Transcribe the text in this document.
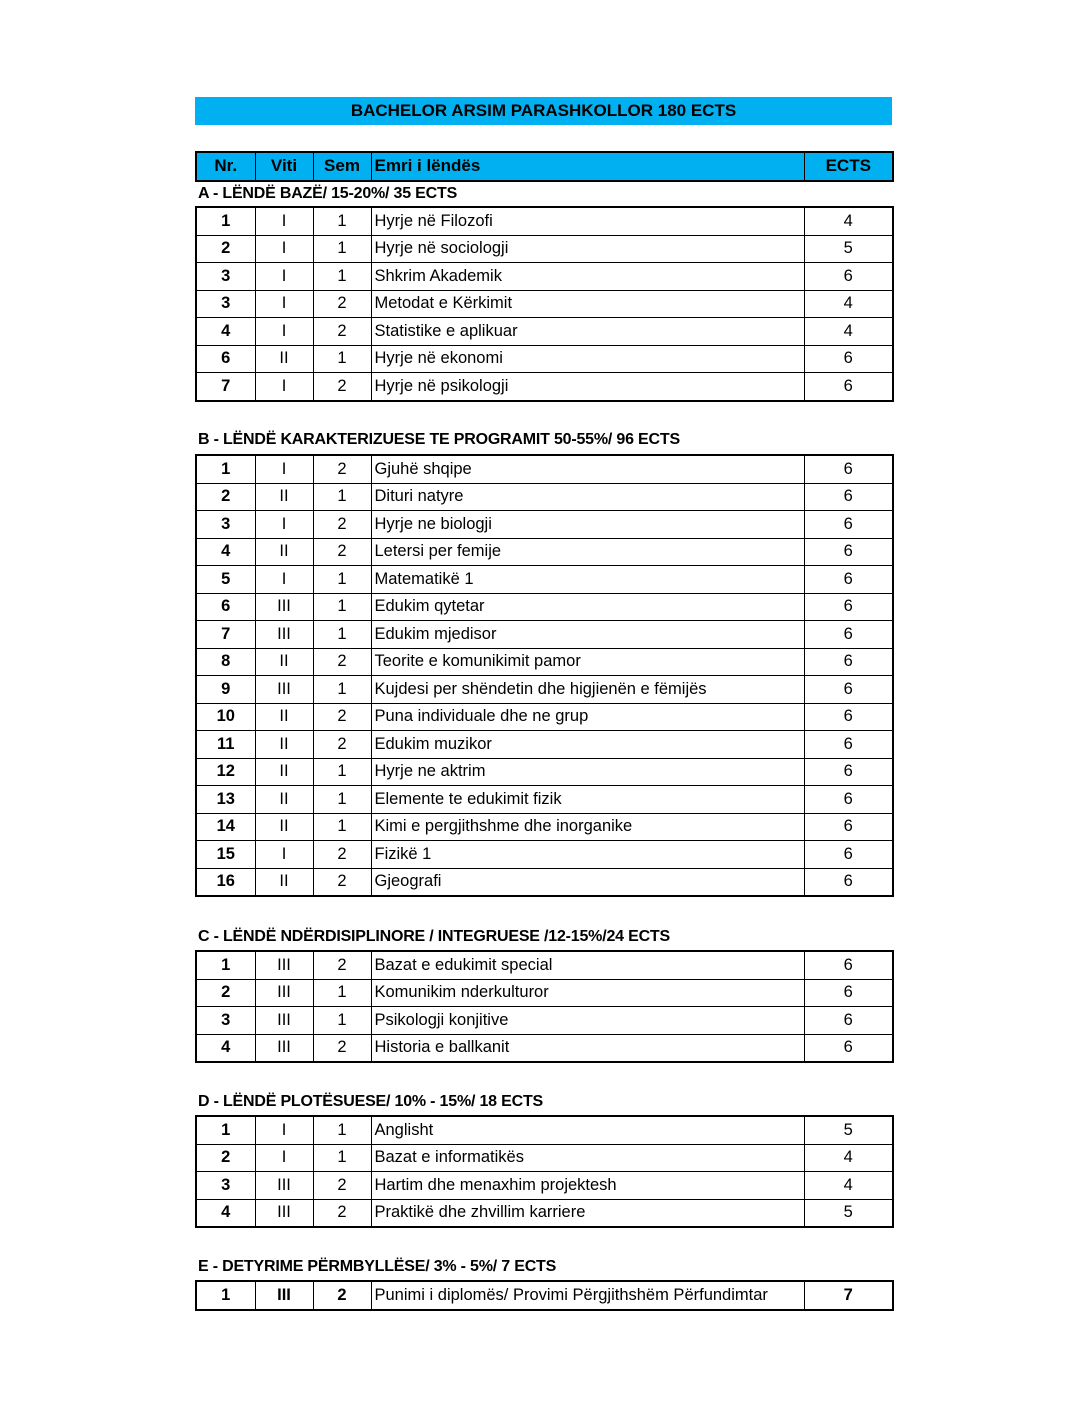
BACHELOR ARSIM PARASHKOLLOR 180 ECTS
Nr.	Viti	Sem	Emri i lëndës	ECTS
A - LËNDË BAZË/ 15-20%/ 35 ECTS
1	I	1	Hyrje në Filozofi	4
2	I	1	Hyrje në sociologji	5
3	I	1	Shkrim Akademik	6
3	I	2	Metodat e Kërkimit	4
4	I	2	Statistike e aplikuar	4
6	II	1	Hyrje në ekonomi	6
7	I	2	Hyrje në psikologji	6
B - LËNDË KARAKTERIZUESE TE PROGRAMIT 50-55%/ 96 ECTS
1	I	2	Gjuhë shqipe	6
2	II	1	Dituri natyre	6
3	I	2	Hyrje ne biologji	6
4	II	2	Letersi per femije	6
5	I	1	Matematikë 1	6
6	III	1	Edukim qytetar	6
7	III	1	Edukim mjedisor	6
8	II	2	Teorite e komunikimit pamor	6
9	III	1	Kujdesi per shëndetin dhe higjienën e fëmijës	6
10	II	2	Puna individuale dhe ne grup	6
11	II	2	Edukim muzikor	6
12	II	1	Hyrje ne aktrim	6
13	II	1	Elemente te edukimit fizik	6
14	II	1	Kimi e pergjithshme dhe inorganike	6
15	I	2	Fizikë 1	6
16	II	2	Gjeografi	6
C - LËNDË NDËRDISIPLINORE / INTEGRUESE /12-15%/24 ECTS
1	III	2	Bazat e edukimit special	6
2	III	1	Komunikim nderkulturor	6
3	III	1	Psikologji konjitive	6
4	III	2	Historia e ballkanit	6
D - LËNDË PLOTËSUESE/ 10% - 15%/ 18 ECTS
1	I	1	Anglisht	5
2	I	1	Bazat e informatikës	4
3	III	2	Hartim dhe menaxhim projektesh	4
4	III	2	Praktikë dhe zhvillim karriere	5
E - DETYRIME PËRMBYLLËSE/ 3% - 5%/ 7 ECTS
1	III	2	Punimi i diplomës/ Provimi Përgjithshëm Përfundimtar	7
